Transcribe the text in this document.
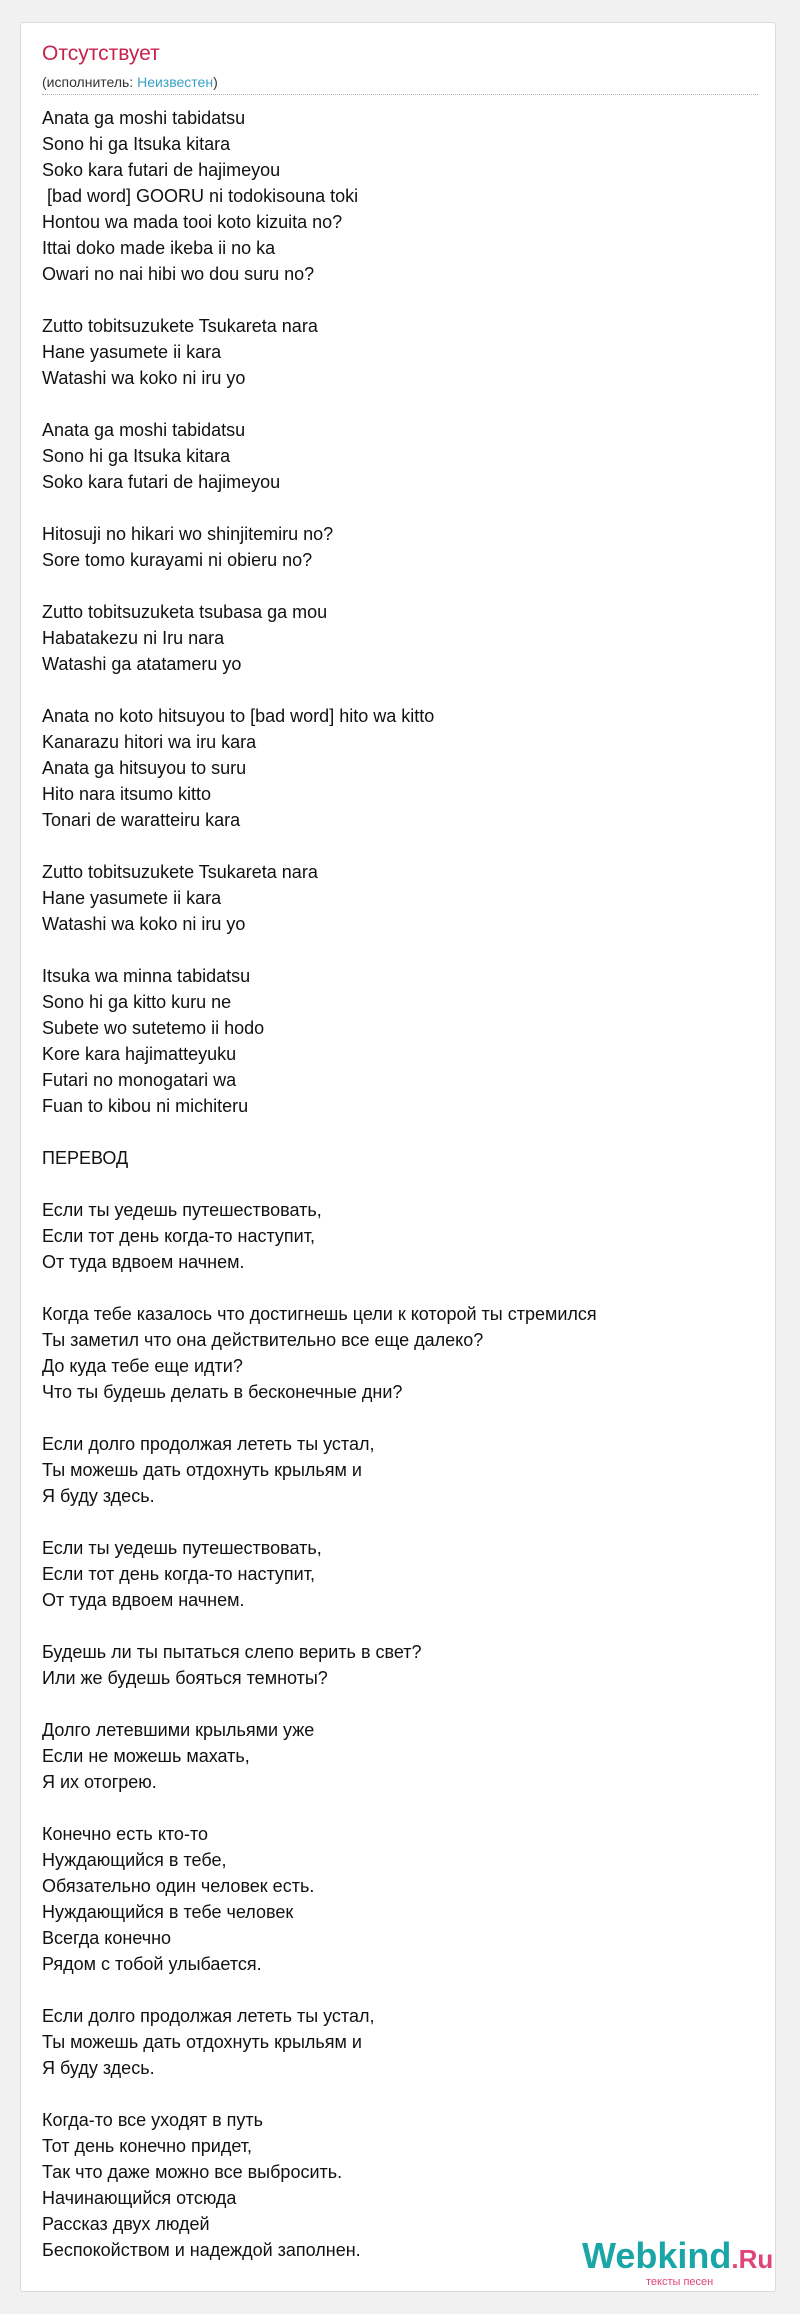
Отсутствует
(исполнитель: Неизвестен)
Anata ga moshi tabidatsu
Sono hi ga Itsuka kitara
Soko kara futari de hajimeyou
[bad word] GOORU ni todokisouna toki
Hontou wa mada tooi koto kizuita no?
Ittai doko made ikeba ii no ka
Owari no nai hibi wo dou suru no?
Zutto tobitsuzukete Tsukareta nara
Hane yasumete ii kara
Watashi wa koko ni iru yo
Anata ga moshi tabidatsu
Sono hi ga Itsuka kitara
Soko kara futari de hajimeyou
Hitosuji no hikari wo shinjitemiru no?
Sore tomo kurayami ni obieru no?
Zutto tobitsuzuketa tsubasa ga mou
Habatakezu ni Iru nara
Watashi ga atatameru yo
Anata no koto hitsuyou to [bad word] hito wa kitto
Kanarazu hitori wa iru kara
Anata ga hitsuyou to suru
Hito nara itsumo kitto
Tonari de waratteiru kara
Zutto tobitsuzukete Tsukareta nara
Hane yasumete ii kara
Watashi wa koko ni iru yo
Itsuka wa minna tabidatsu
Sono hi ga kitto kuru ne
Subete wo sutetemo ii hodo
Kore kara hajimatteyuku
Futari no monogatari wa
Fuan to kibou ni michiteru
ПЕРЕВОД
Если ты уедешь путешествовать,
Если тот день когда-то наступит,
От туда вдвоем начнем.
Когда тебе казалось что достигнешь цели к которой ты стремился
Ты заметил что она действительно все еще далеко?
До куда тебе еще идти?
Что ты будешь делать в бесконечные дни?
Если долго продолжая лететь ты устал,
Ты можешь дать отдохнуть крыльям и
Я буду здесь.
Если ты уедешь путешествовать,
Если тот день когда-то наступит,
От туда вдвоем начнем.
Будешь ли ты пытаться слепо верить в свет?
Или же будешь бояться темноты?
Долго летевшими крыльями уже
Если не можешь махать,
Я их отогрею.
Конечно есть кто-то
Нуждающийся в тебе,
Обязательно один человек есть.
Нуждающийся в тебе человек
Всегда конечно
Рядом с тобой улыбается.
Если долго продолжая лететь ты устал,
Ты можешь дать отдохнуть крыльям и
Я буду здесь.
Когда-то все уходят в путь
Тот день конечно придет,
Так что даже можно все выбросить.
Начинающийся отсюда
Рассказ двух людей
Беспокойством и надеждой заполнен.	Webkind.Ru
тексты песен
